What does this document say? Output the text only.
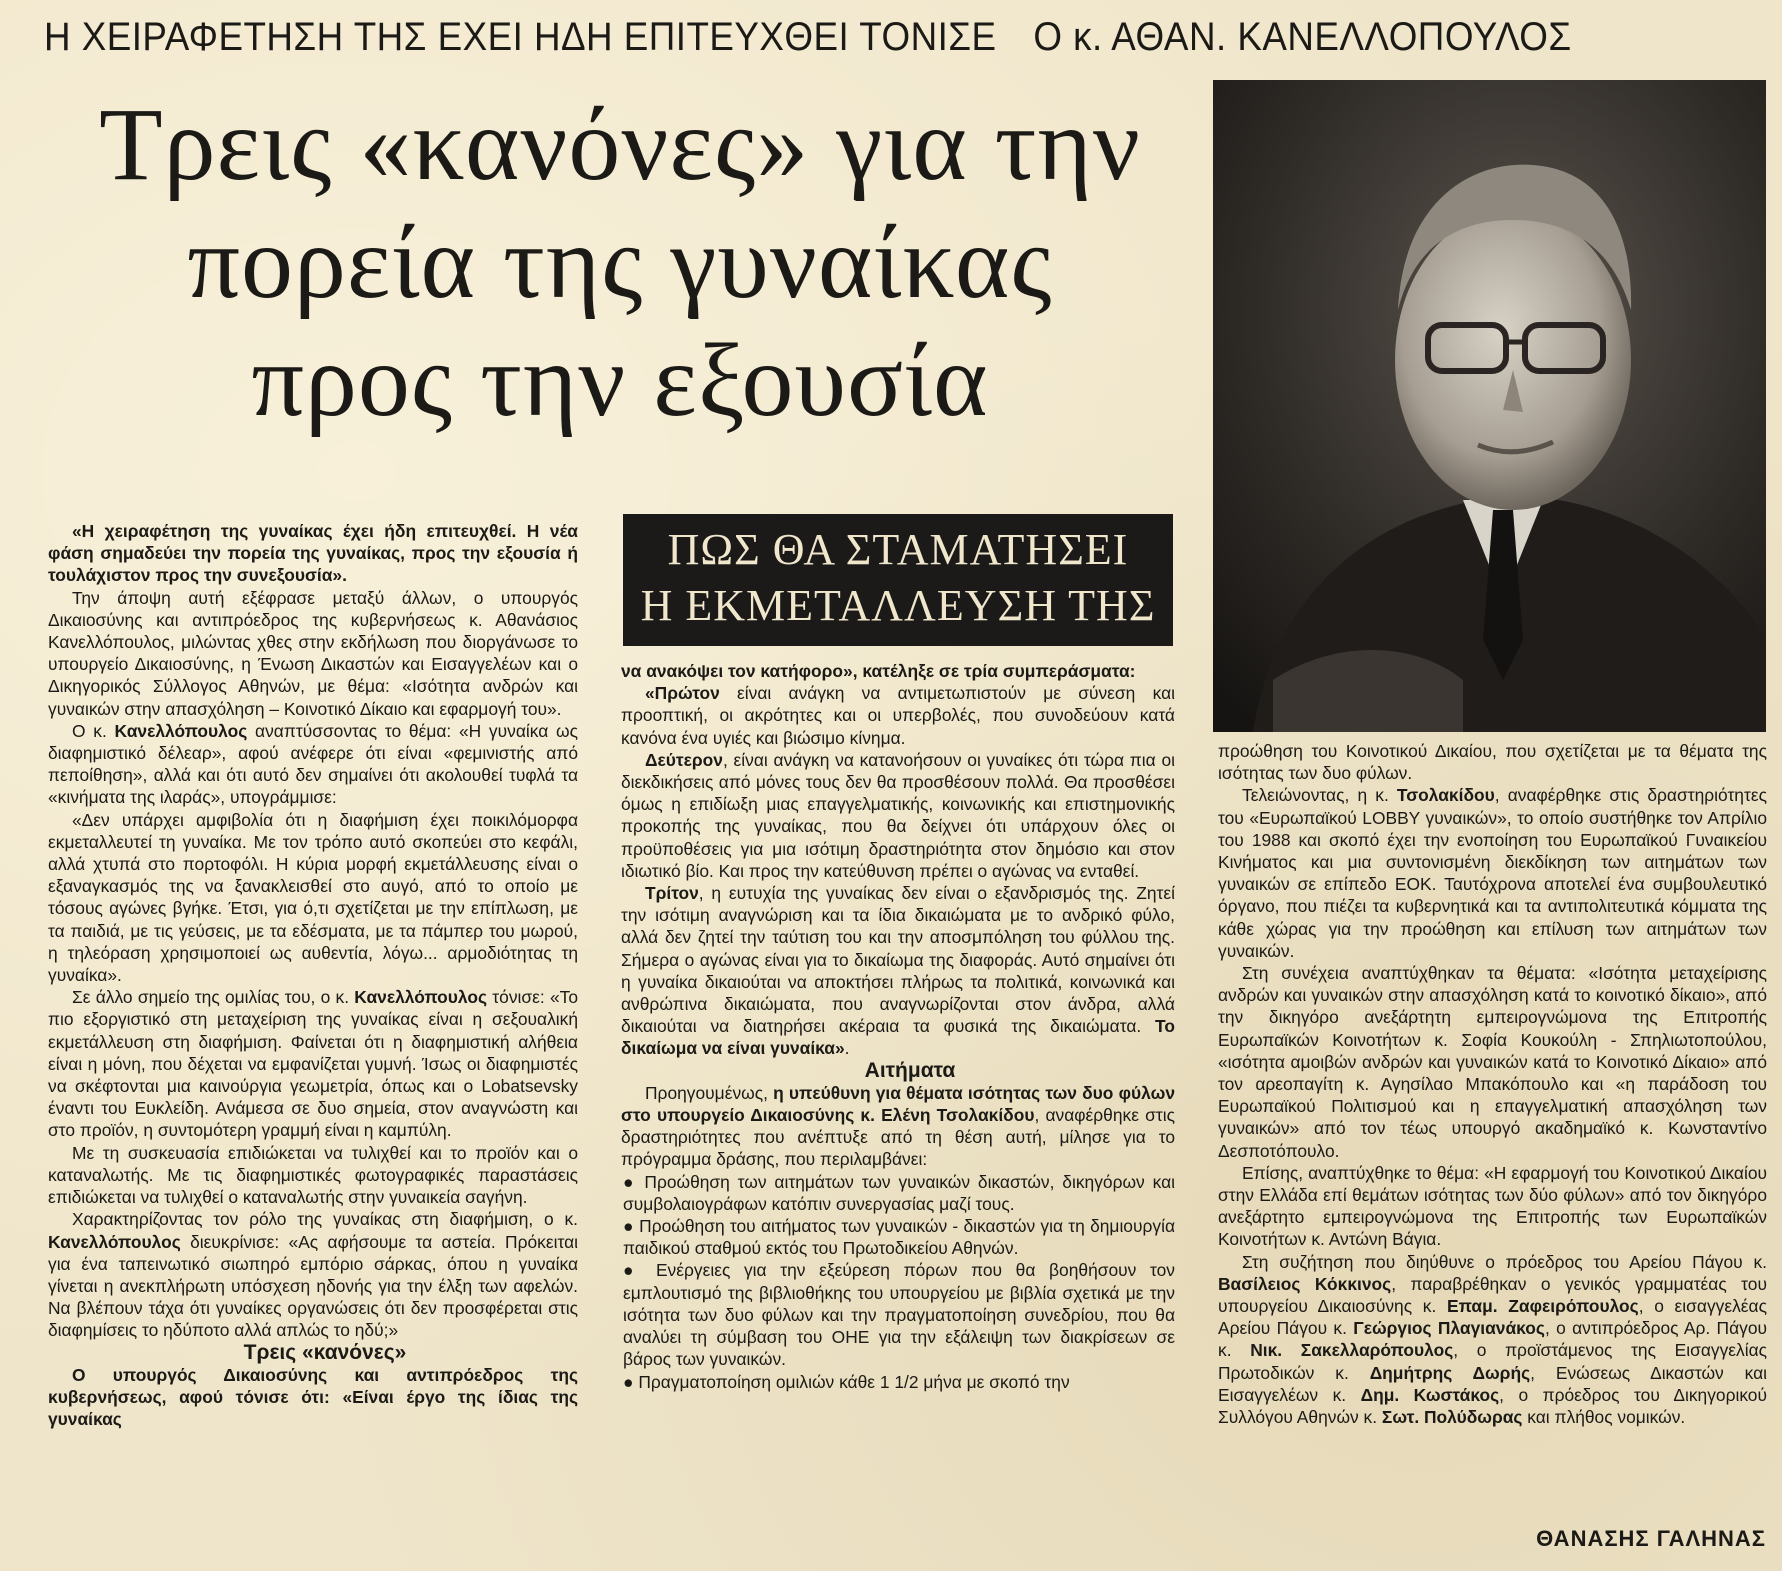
Η ΧΕΙΡΑΦΕΤΗΣΗ ΤΗΣ ΕΧΕΙ ΗΔΗ ΕΠΙΤΕΥΧΘΕΙ ΤΟΝΙΣΕ Ο κ. ΑΘΑΝ. ΚΑΝΕΛΛΟΠΟΥΛΟΣ
Τρεις «κανόνες» για την
πορεία της γυναίκας
προς την εξουσία
ΠΩΣ ΘΑ ΣΤΑΜΑΤΗΣΕΙ
Η ΕΚΜΕΤΑΛΛΕΥΣΗ ΤΗΣ

«Η χειραφέτηση της γυναίκας έχει ήδη επιτευχθεί. Η νέα φάση σημαδεύει την πορεία της γυναίκας, προς την εξουσία ή τουλάχιστον προς την συνεξουσία».

Την άποψη αυτή εξέφρασε μεταξύ άλλων, ο υπουργός Δικαιοσύνης και αντιπρόεδρος της κυβερνήσεως κ. Αθανάσιος Κανελλόπουλος, μιλώντας χθες στην εκδήλωση που διοργάνωσε το υπουργείο Δικαιοσύνης, η Ένωση Δικαστών και Εισαγγελέων και ο Δικηγορικός Σύλλογος Αθηνών, με θέμα: «Ισότητα ανδρών και γυναικών στην απασχόληση – Κοινοτικό Δίκαιο και εφαρμογή του».

Ο κ. Κανελλόπουλος αναπτύσσοντας το θέμα: «Η γυναίκα ως διαφημιστικό δέλεαρ», αφού ανέφερε ότι είναι «φεμινιστής από πεποίθηση», αλλά και ότι αυτό δεν σημαίνει ότι ακολουθεί τυφλά τα «κινήματα της ιλαράς», υπογράμμισε:

«Δεν υπάρχει αμφιβολία ότι η διαφήμιση έχει ποικιλόμορφα εκμεταλλευτεί τη γυναίκα. Με τον τρόπο αυτό σκοπεύει στο κεφάλι, αλλά χτυπά στο πορτοφόλι. Η κύρια μορφή εκμετάλλευσης είναι ο εξαναγκασμός της να ξανακλεισθεί στο αυγό, από το οποίο με τόσους αγώνες βγήκε. Έτσι, για ό,τι σχετίζεται με την επίπλωση, με τα παιδιά, με τις γεύσεις, με τα εδέσματα, με τα πάμπερ του μωρού, η τηλεόραση χρησιμοποιεί ως αυθεντία, λόγω... αρμοδιότητας τη γυναίκα».

Σε άλλο σημείο της ομιλίας του, ο κ. Κανελλόπουλος τόνισε: «Το πιο εξοργιστικό στη μεταχείριση της γυναίκας είναι η σεξουαλική εκμετάλλευση στη διαφήμιση. Φαίνεται ότι η διαφημιστική αλήθεια είναι η μόνη, που δέχεται να εμφανίζεται γυμνή. Ίσως οι διαφημιστές να σκέφτονται μια καινούργια γεωμετρία, όπως και ο Lobatsevsky έναντι του Ευκλείδη. Ανάμεσα σε δυο σημεία, στον αναγνώστη και στο προϊόν, η συντομότερη γραμμή είναι η καμπύλη.

Με τη συσκευασία επιδιώκεται να τυλιχθεί και το προϊόν και ο καταναλωτής. Με τις διαφημιστικές φωτογραφικές παραστάσεις επιδιώκεται να τυλιχθεί ο καταναλωτής στην γυναικεία σαγήνη.

Χαρακτηρίζοντας τον ρόλο της γυναίκας στη διαφήμιση, ο κ. Κανελλόπουλος διευκρίνισε: «Ας αφήσουμε τα αστεία. Πρόκειται για ένα ταπεινωτικό σιωπηρό εμπόριο σάρκας, όπου η γυναίκα γίνεται η ανεκπλήρωτη υπόσχεση ηδονής για την έλξη των αφελών. Να βλέπουν τάχα ότι γυναίκες οργανώσεις ότι δεν προσφέρεται στις διαφημίσεις το ηδύποτο αλλά απλώς το ηδύ;»

Τρεις «κανόνες»

Ο υπουργός Δικαιοσύνης και αντιπρόεδρος της κυβερνήσεως, αφού τόνισε ότι: «Είναι έργο της ίδιας της γυναίκας

να ανακόψει τον κατήφορο», κατέληξε σε τρία συμπεράσματα:

«Πρώτον είναι ανάγκη να αντιμετωπιστούν με σύνεση και προοπτική, οι ακρότητες και οι υπερβολές, που συνοδεύουν κατά κανόνα ένα υγιές και βιώσιμο κίνημα.

Δεύτερον, είναι ανάγκη να κατανοήσουν οι γυναίκες ότι τώρα πια οι διεκδικήσεις από μόνες τους δεν θα προσθέσουν πολλά. Θα προσθέσει όμως η επιδίωξη μιας επαγγελματικής, κοινωνικής και επιστημονικής προκοπής της γυναίκας, που θα δείχνει ότι υπάρχουν όλες οι προϋποθέσεις για μια ισότιμη δραστηριότητα στον δημόσιο και στον ιδιωτικό βίο. Και προς την κατεύθυνση πρέπει ο αγώνας να ενταθεί.

Τρίτον, η ευτυχία της γυναίκας δεν είναι ο εξανδρισμός της. Ζητεί την ισότιμη αναγνώριση και τα ίδια δικαιώματα με το ανδρικό φύλο, αλλά δεν ζητεί την ταύτιση του και την αποσμπόληση του φύλλου της. Σήμερα ο αγώνας είναι για το δικαίωμα της διαφοράς. Αυτό σημαίνει ότι η γυναίκα δικαιούται να αποκτήσει πλήρως τα πολιτικά, κοινωνικά και ανθρώπινα δικαιώματα, που αναγνωρίζονται στον άνδρα, αλλά δικαιούται να διατηρήσει ακέραια τα φυσικά της δικαιώματα. Το δικαίωμα να είναι γυναίκα».

Αιτήματα

Προηγουμένως, η υπεύθυνη για θέματα ισότητας των δυο φύλων στο υπουργείο Δικαιοσύνης κ. Ελένη Τσολακίδου, αναφέρθηκε στις δραστηριότητες που ανέπτυξε από τη θέση αυτή, μίλησε για το πρόγραμμα δράσης, που περιλαμβάνει:

● Προώθηση των αιτημάτων των γυναικών δικαστών, δικηγόρων και συμβολαιογράφων κατόπιν συνεργασίας μαζί τους.

● Προώθηση του αιτήματος των γυναικών - δικαστών για τη δημιουργία παιδικού σταθμού εκτός του Πρωτοδικείου Αθηνών.

● Ενέργειες για την εξεύρεση πόρων που θα βοηθήσουν τον εμπλουτισμό της βιβλιοθήκης του υπουργείου με βιβλία σχετικά με την ισότητα των δυο φύλων και την πραγματοποίηση συνεδρίου, που θα αναλύει τη σύμβαση του ΟΗΕ για την εξάλειψη των διακρίσεων σε βάρος των γυναικών.

● Πραγματοποίηση ομιλιών κάθε 1 1/2 μήνα με σκοπό την

προώθηση του Κοινοτικού Δικαίου, που σχετίζεται με τα θέματα της ισότητας των δυο φύλων.

Τελειώνοντας, η κ. Τσολακίδου, αναφέρθηκε στις δραστηριότητες του «Ευρωπαϊκού LOBBY γυναικών», το οποίο συστήθηκε τον Απρίλιο του 1988 και σκοπό έχει την ενοποίηση του Ευρωπαϊκού Γυναικείου Κινήματος και μια συντονισμένη διεκδίκηση των αιτημάτων των γυναικών σε επίπεδο ΕΟΚ. Ταυτόχρονα αποτελεί ένα συμβουλευτικό όργανο, που πιέζει τα κυβερνητικά και τα αντιπολιτευτικά κόμματα της κάθε χώρας για την προώθηση και επίλυση των αιτημάτων των γυναικών.

Στη συνέχεια αναπτύχθηκαν τα θέματα: «Ισότητα μεταχείρισης ανδρών και γυναικών στην απασχόληση κατά το κοινοτικό δίκαιο», από την δικηγόρο ανεξάρτητη εμπειρογνώμονα της Επιτροπής Ευρωπαϊκών Κοινοτήτων κ. Σοφία Κουκούλη - Σπηλιωτοπούλου, «ισότητα αμοιβών ανδρών και γυναικών κατά το Κοινοτικό Δίκαιο» από τον αρεοπαγίτη κ. Αγησίλαο Μπακόπουλο και «η παράδοση του Ευρωπαϊκού Πολιτισμού και η επαγγελματική απασχόληση των γυναικών» από τον τέως υπουργό ακαδημαϊκό κ. Κωνσταντίνο Δεσποτόπουλο.

Επίσης, αναπτύχθηκε το θέμα: «Η εφαρμογή του Κοινοτικού Δικαίου στην Ελλάδα επί θεμάτων ισότητας των δύο φύλων» από τον δικηγόρο ανεξάρτητο εμπειρογνώμονα της Επιτροπής των Ευρωπαϊκών Κοινοτήτων κ. Αντώνη Βάγια.

Στη συζήτηση που διηύθυνε ο πρόεδρος του Αρείου Πάγου κ. Βασίλειος Κόκκινος, παραβρέθηκαν ο γενικός γραμματέας του υπουργείου Δικαιοσύνης κ. Επαμ. Ζαφειρόπουλος, ο εισαγγελέας Αρείου Πάγου κ. Γεώργιος Πλαγιανάκος, ο αντιπρόεδρος Αρ. Πάγου κ. Νικ. Σακελλαρόπουλος, ο προϊστάμενος της Εισαγγελίας Πρωτοδικών κ. Δημήτρης Δωρής, Ενώσεως Δικαστών και Εισαγγελέων κ. Δημ. Κωστάκος, ο πρόεδρος του Δικηγορικού Συλλόγου Αθηνών κ. Σωτ. Πολύδωρας και πλήθος νομικών.

ΘΑΝΑΣΗΣ ΓΑΛΗΝΑΣ
